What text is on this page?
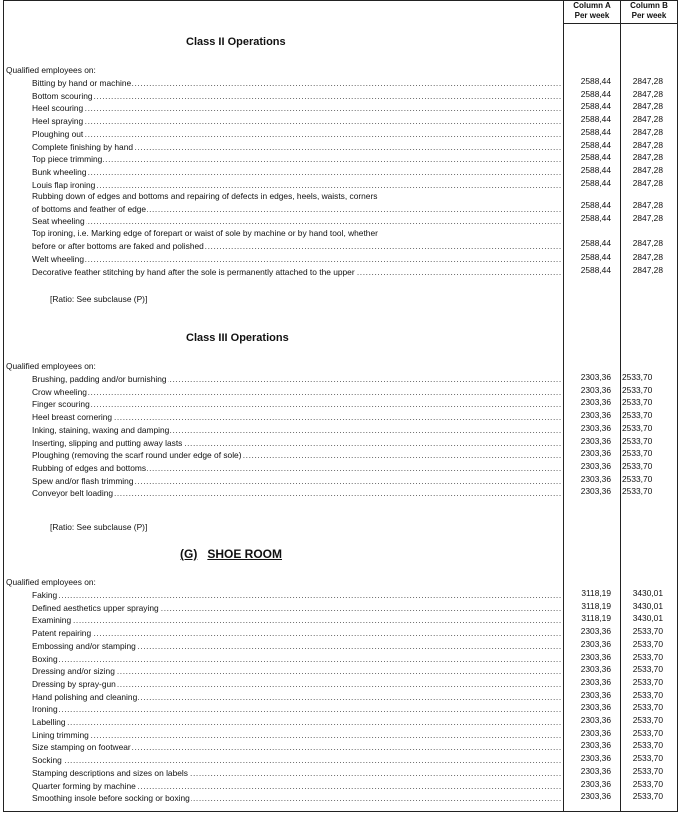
Column A
Per week
Column B
Per week
Class II Operations
Qualified employees on:
Bitting by hand or machine .....	2588,44	2847,28
Bottom scouring .....	2588,44	2847,28
Heel scouring .....	2588,44	2847,28
Heel spraying .....	2588,44	2847,28
Ploughing out .....	2588,44	2847,28
Complete finishing by hand .....	2588,44	2847,28
Top piece trimming .....	2588,44	2847,28
Bunk wheeling .....	2588,44	2847,28
Louis flap ironing .....	2588,44	2847,28
Rubbing down of edges and bottoms and repairing of defects in edges, heels, waists, corners
of bottoms and feather of edge .....	2588,44	2847,28
Seat wheeling .....	2588,44	2847,28
Top ironing, i.e. Marking edge of forepart or waist of sole by machine or by hand tool, whether
before or after bottoms are faked and polished .....	2588,44	2847,28
Welt wheeling .....	2588,44	2847,28
Decorative feather stitching by hand after the sole is permanently attached to the upper .....	2588,44	2847,28
[Ratio: See subclause (P)]
Class III Operations
Qualified employees on:
Brushing, padding and/or burnishing .....	2303,36 2533,70
Crow wheeling .....	2303,36 2533,70
Finger scouring .....	2303,36 2533,70
Heel breast cornering .....	2303,36 2533,70
Inking, staining, waxing and damping .....	2303,36 2533,70
Inserting, slipping and putting away lasts .....	2303,36 2533,70
Ploughing (removing the scarf round under edge of sole) .....	2303,36 2533,70
Rubbing of edges and bottoms .....	2303,36 2533,70
Spew and/or flash trimming .....	2303,36 2533,70
Conveyor belt loading .....	2303,36 2533,70
[Ratio: See subclause (P)]
(G) SHOE ROOM
Qualified employees on:
Faking .....	3118,19	3430,01
Defined aesthetics upper spraying .....	3118,19	3430,01
Examining .....	3118,19	3430,01
Patent repairing .....	2303,36	2533,70
Embossing and/or stamping .....	2303,36	2533,70
Boxing .....	2303,36	2533,70
Dressing and/or sizing .....	2303,36	2533,70
Dressing by spray-gun .....	2303,36	2533,70
Hand polishing and cleaning .....	2303,36	2533,70
Ironing .....	2303,36	2533,70
Labelling .....	2303,36	2533,70
Lining trimming .....	2303,36	2533,70
Size stamping on footwear .....	2303,36	2533,70
Socking .....	2303,36	2533,70
Stamping descriptions and sizes on labels .....	2303,36	2533,70
Quarter forming by machine .....	2303,36	2533,70
Smoothing insole before socking or boxing .....	2303,36	2533,70
